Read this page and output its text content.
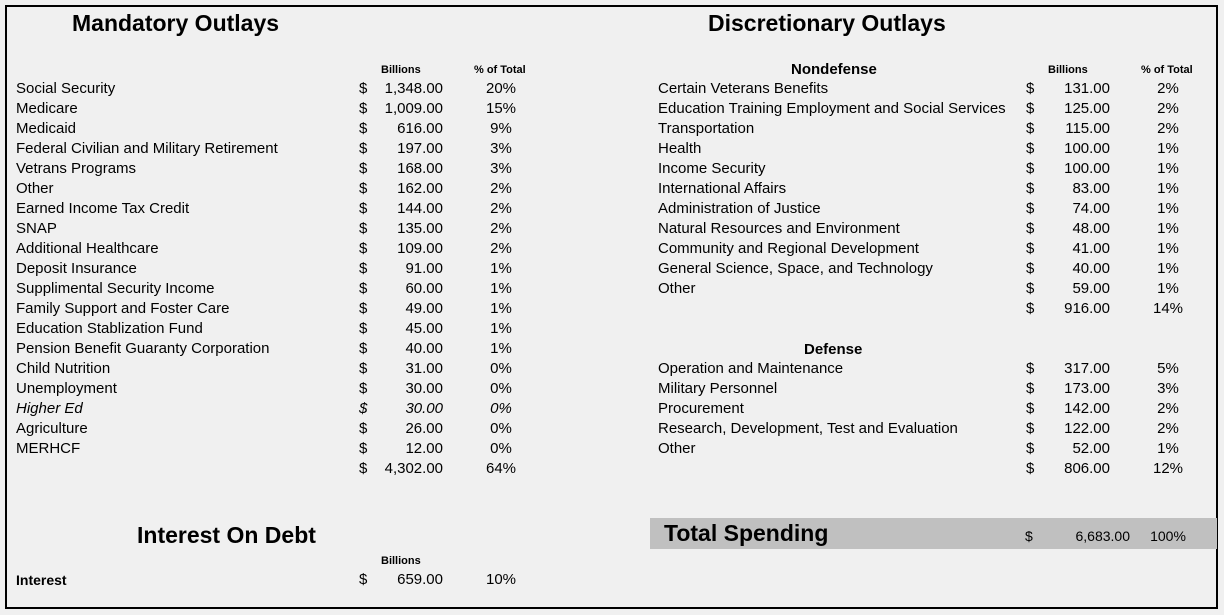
Mandatory Outlays
Billions	% of Total
Social Security	$	1,348.00	20%
Medicare	$	1,009.00	15%
Medicaid	$	616.00	9%
Federal Civilian and Military Retirement	$	197.00	3%
Vetrans Programs	$	168.00	3%
Other	$	162.00	2%
Earned Income Tax Credit	$	144.00	2%
SNAP	$	135.00	2%
Additional Healthcare	$	109.00	2%
Deposit Insurance	$	91.00	1%
Supplimental Security Income	$	60.00	1%
Family Support and Foster Care	$	49.00	1%
Education Stablization Fund	$	45.00	1%
Pension Benefit Guaranty Corporation	$	40.00	1%
Child Nutrition	$	31.00	0%
Unemployment	$	30.00	0%
Higher Ed	$	30.00	0%
Agriculture	$	26.00	0%
MERHCF	$	12.00	0%
$	4,302.00	64%
Discretionary Outlays
Nondefense	Billions	% of Total
Certain Veterans Benefits	$	131.00	2%
Education Training Employment and Social Services $	125.00	2%
Transportation	$	115.00	2%
Health	$	100.00	1%
Income Security	$	100.00	1%
International Affairs	$	83.00	1%
Administration of Justice	$	74.00	1%
Natural Resources and Environment	$	48.00	1%
Community and Regional Development	$	41.00	1%
General Science, Space, and Technology	$	40.00	1%
Other	$	59.00	1%
$	916.00	14%
Defense
Operation and Maintenance	$	317.00	5%
Military Personnel	$	173.00	3%
Procurement	$	142.00	2%
Research, Development, Test and Evaluation	$	122.00	2%
Other	$	52.00	1%
$	806.00	12%
Interest On Debt
Billions
Interest	$	659.00	10%
Total Spending	$	6,683.00	100%
